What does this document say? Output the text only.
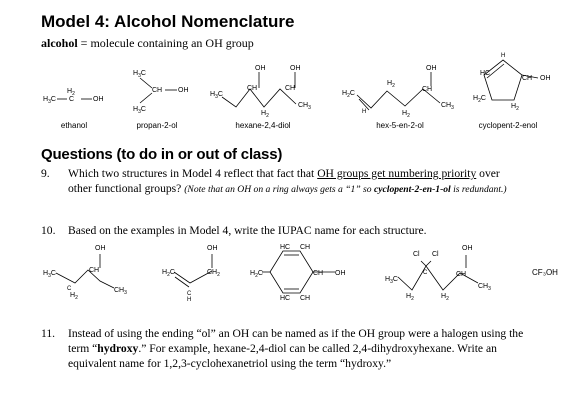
Model 4: Alcohol Nomenclature
alcohol = molecule containing an OH group
$H_3C$ C
$H_2$
OH
$H_3C$
CH OH
$H_3C$
$H_3C$
OH	OH
CH	CH
$H_2$
$CH_3$
$H_2C$
H
$H_2$
$H_2$
OH
CH
$CH_3$
HC
H
CH OH
$H_2C$
$H_2$
$H_3C$
OH
CH
C
$H_2$
$CH_3$
$H_2C$
OH
$CH_2$
C
H
HC CH
$H_2C$	CH OH
HC CH
$H_3C$
Cl Cl
C
$H_2$	$H_2$
OH
CH
$CH_3$
ethanol	propan-2-ol	hexane-2,4-diol	hex-5-en-2-ol	cyclopent-2-enol
CF₃OH
Questions (to do in or out of class)
9. Which two structures in Model 4 reflect that fact that OH groups get numbering priority over
other functional groups? (Note that an OH on a ring always gets a “1” so cyclopent-2-en-1-ol is redundant.)
10. Based on the examples in Model 4, write the IUPAC name for each structure.
11. Instead of using the ending “ol” an OH can be named as if the OH group were a halogen using the
term “hydroxy.” For example, hexane-2,4-diol can be called 2,4-dihydroxyhexane. Write an
equivalent name for 1,2,3-cyclohexanetriol using the term “hydroxy.”
